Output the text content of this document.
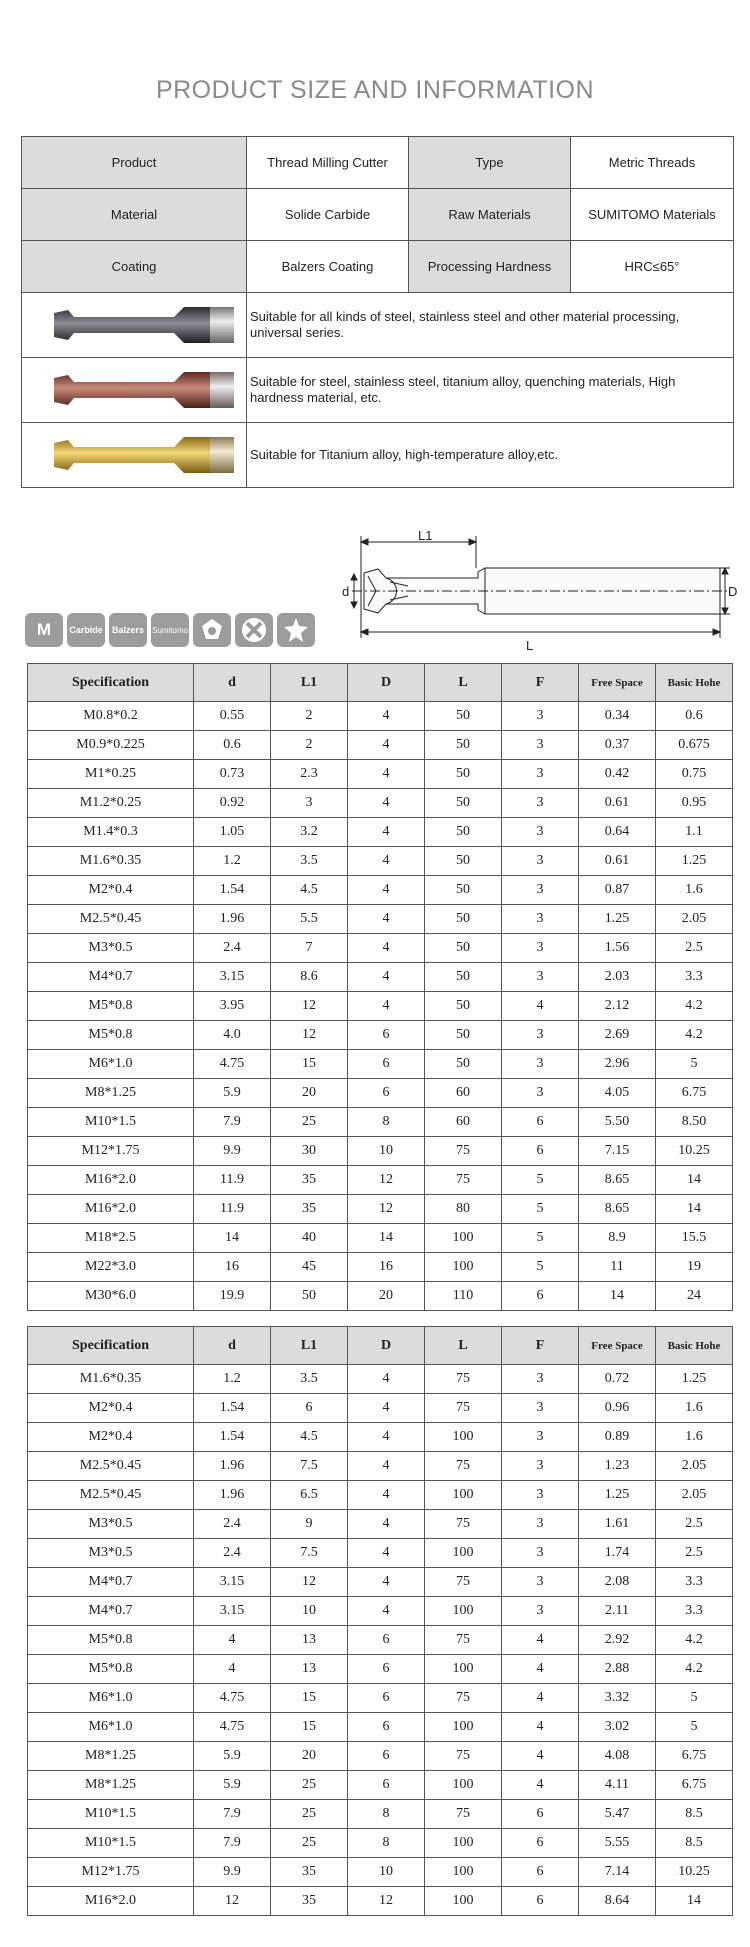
PRODUCT SIZE AND INFORMATION
Product	Thread Milling Cutter	Type	Metric Threads
Material	Solide Carbide	Raw Materials	SUMITOMO Materials
Coating	Balzers Coating	Processing Hardness	HRC≤65°

	Suitable for all kinds of steel, stainless steel and other material processing, universal series.		

	Suitable for steel, stainless steel, titanium alloy, quenching materials, High hardness material, etc.		

	Suitable for Titanium alloy, high-temperature alloy,etc.		
M	Carbide	Balzers Sumitomo
L1
d	D
L
Specification	d	L1	D	L	F	Free Space	Basic Hohe
M0.8*0.2	0.55	2	4	50	3	0.34	0.6
M0.9*0.225	0.6	2	4	50	3	0.37	0.675
M1*0.25	0.73	2.3	4	50	3	0.42	0.75
M1.2*0.25	0.92	3	4	50	3	0.61	0.95
M1.4*0.3	1.05	3.2	4	50	3	0.64	1.1
M1.6*0.35	1.2	3.5	4	50	3	0.61	1.25
M2*0.4	1.54	4.5	4	50	3	0.87	1.6
M2.5*0.45	1.96	5.5	4	50	3	1.25	2.05
M3*0.5	2.4	7	4	50	3	1.56	2.5
M4*0.7	3.15	8.6	4	50	3	2.03	3.3
M5*0.8	3.95	12	4	50	4	2.12	4.2
M5*0.8	4.0	12	6	50	3	2.69	4.2
M6*1.0	4.75	15	6	50	3	2.96	5
M8*1.25	5.9	20	6	60	3	4.05	6.75
M10*1.5	7.9	25	8	60	6	5.50	8.50
M12*1.75	9.9	30	10	75	6	7.15	10.25
M16*2.0	11.9	35	12	75	5	8.65	14
M16*2.0	11.9	35	12	80	5	8.65	14
M18*2.5	14	40	14	100	5	8.9	15.5
M22*3.0	16	45	16	100	5	11	19
M30*6.0	19.9	50	20	110	6	14	24
Specification	d	L1	D	L	F	Free Space	Basic Hohe
M1.6*0.35	1.2	3.5	4	75	3	0.72	1.25
M2*0.4	1.54	6	4	75	3	0.96	1.6
M2*0.4	1.54	4.5	4	100	3	0.89	1.6
M2.5*0.45	1.96	7.5	4	75	3	1.23	2.05
M2.5*0.45	1.96	6.5	4	100	3	1.25	2.05
M3*0.5	2.4	9	4	75	3	1.61	2.5
M3*0.5	2.4	7.5	4	100	3	1.74	2.5
M4*0.7	3.15	12	4	75	3	2.08	3.3
M4*0.7	3.15	10	4	100	3	2.11	3.3
M5*0.8	4	13	6	75	4	2.92	4.2
M5*0.8	4	13	6	100	4	2.88	4.2
M6*1.0	4.75	15	6	75	4	3.32	5
M6*1.0	4.75	15	6	100	4	3.02	5
M8*1.25	5.9	20	6	75	4	4.08	6.75
M8*1.25	5.9	25	6	100	4	4.11	6.75
M10*1.5	7.9	25	8	75	6	5.47	8.5
M10*1.5	7.9	25	8	100	6	5.55	8.5
M12*1.75	9.9	35	10	100	6	7.14	10.25
M16*2.0	12	35	12	100	6	8.64	14
